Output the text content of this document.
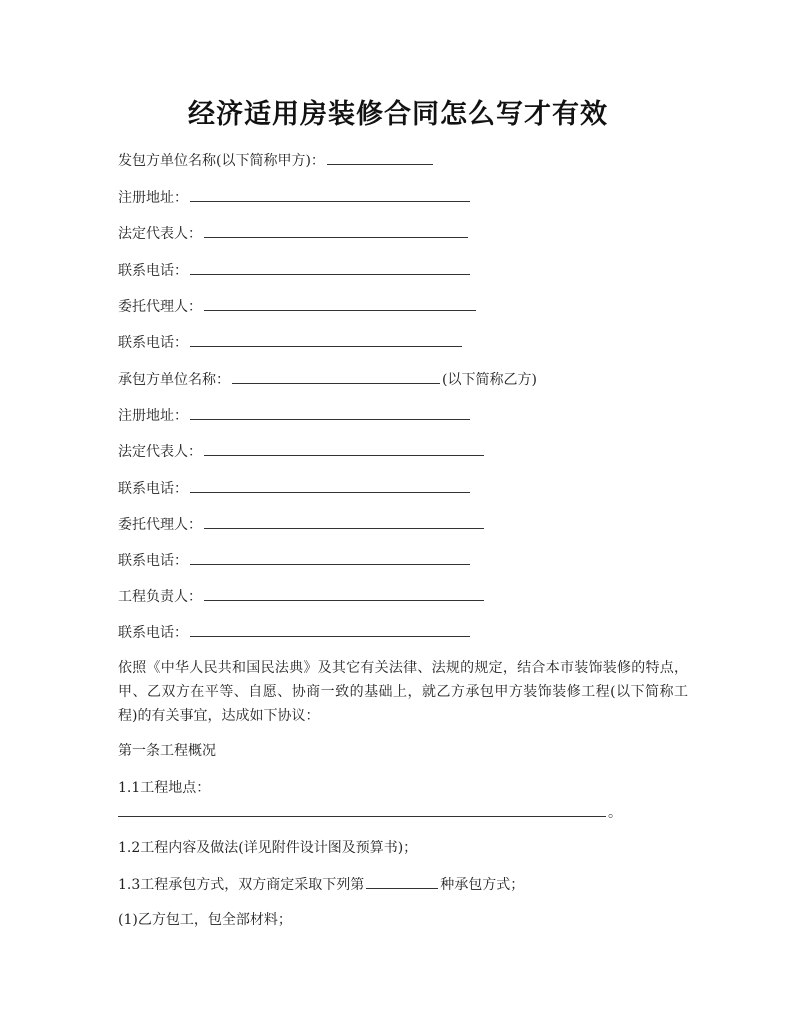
经济适用房装修合同怎么写才有效
发包方单位名称(以下简称甲方)：
注册地址：
法定代表人：
联系电话：
委托代理人：
联系电话：
承包方单位名称：	(以下简称乙方)
注册地址：
法定代表人：
联系电话：
委托代理人：
联系电话：
工程负责人：
联系电话：
依照《中华人民共和国民法典》及其它有关法律、法规的规定，结合本市装饰装修的特点，甲、乙双方在平等、自愿、协商一致的基础上，就乙方承包甲方装饰装修工程(以下简称工程)的有关事宜，达成如下协议：
第一条工程概况
1.1工程地点：
。
1.2工程内容及做法(详见附件设计图及预算书)；
1.3工程承包方式，双方商定采取下列第	种承包方式；
(1)乙方包工，包全部材料；
